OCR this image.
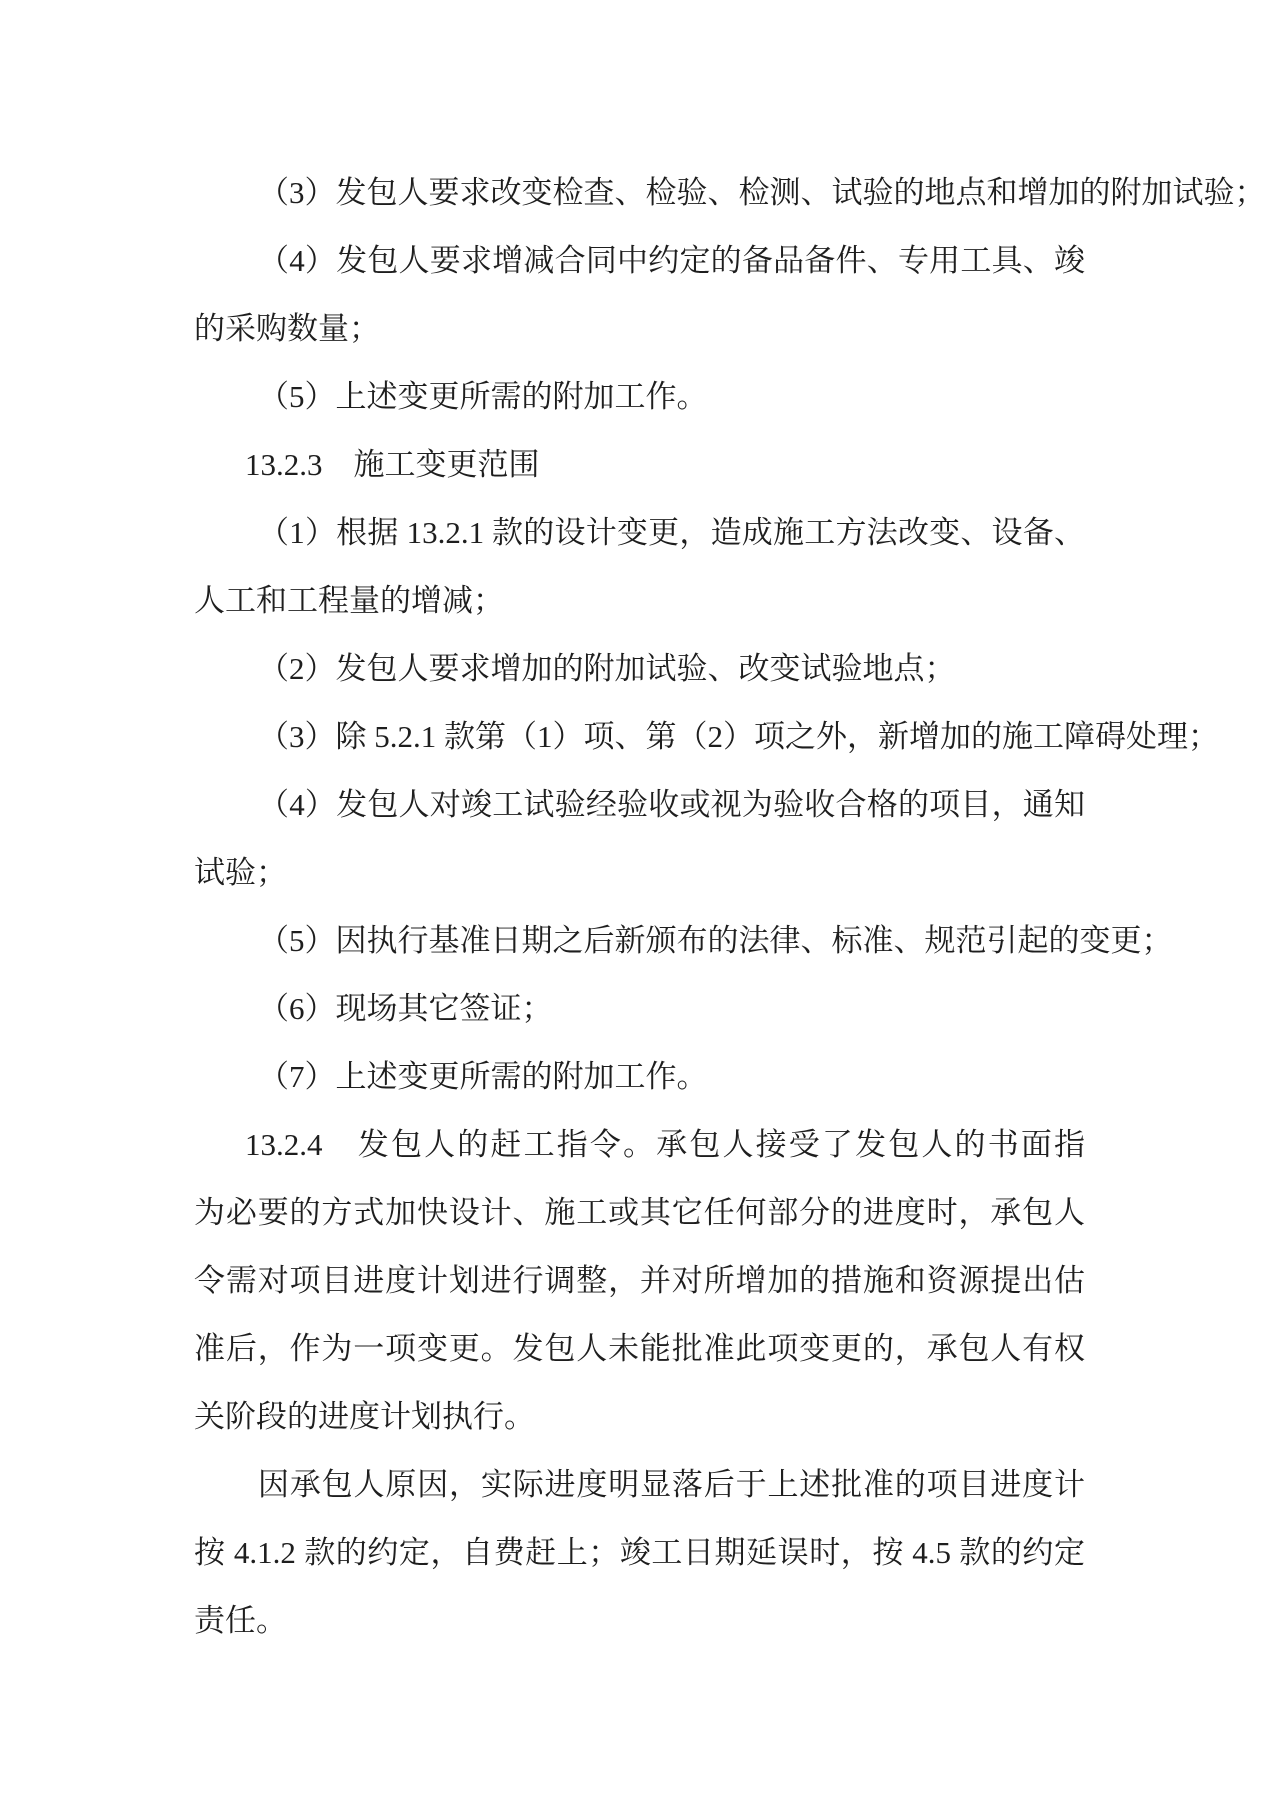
（3）发包人要求改变检查、检验、检测、试验的地点和增加的附加试验；
（4）发包人要求增减合同中约定的备品备件、专用工具、竣
的采购数量；
（5）上述变更所需的附加工作。
13.2.3　施工变更范围
（1）根据 13.2.1 款的设计变更，造成施工方法改变、设备、
人工和工程量的增减；
（2）发包人要求增加的附加试验、改变试验地点；
（3）除 5.2.1 款第（1）项、第（2）项之外，新增加的施工障碍处理；
（4）发包人对竣工试验经验收或视为验收合格的项目，通知
试验；
（5）因执行基准日期之后新颁布的法律、标准、规范引起的变更；
（6）现场其它签证；
（7）上述变更所需的附加工作。
13.2.4　发包人的赶工指令。承包人接受了发包人的书面指
为必要的方式加快设计、施工或其它任何部分的进度时，承包人
令需对项目进度计划进行调整，并对所增加的措施和资源提出估
准后，作为一项变更。发包人未能批准此项变更的，承包人有权
关阶段的进度计划执行。
因承包人原因，实际进度明显落后于上述批准的项目进度计
按 4.1.2 款的约定，自费赶上；竣工日期延误时，按 4.5 款的约定
责任。
